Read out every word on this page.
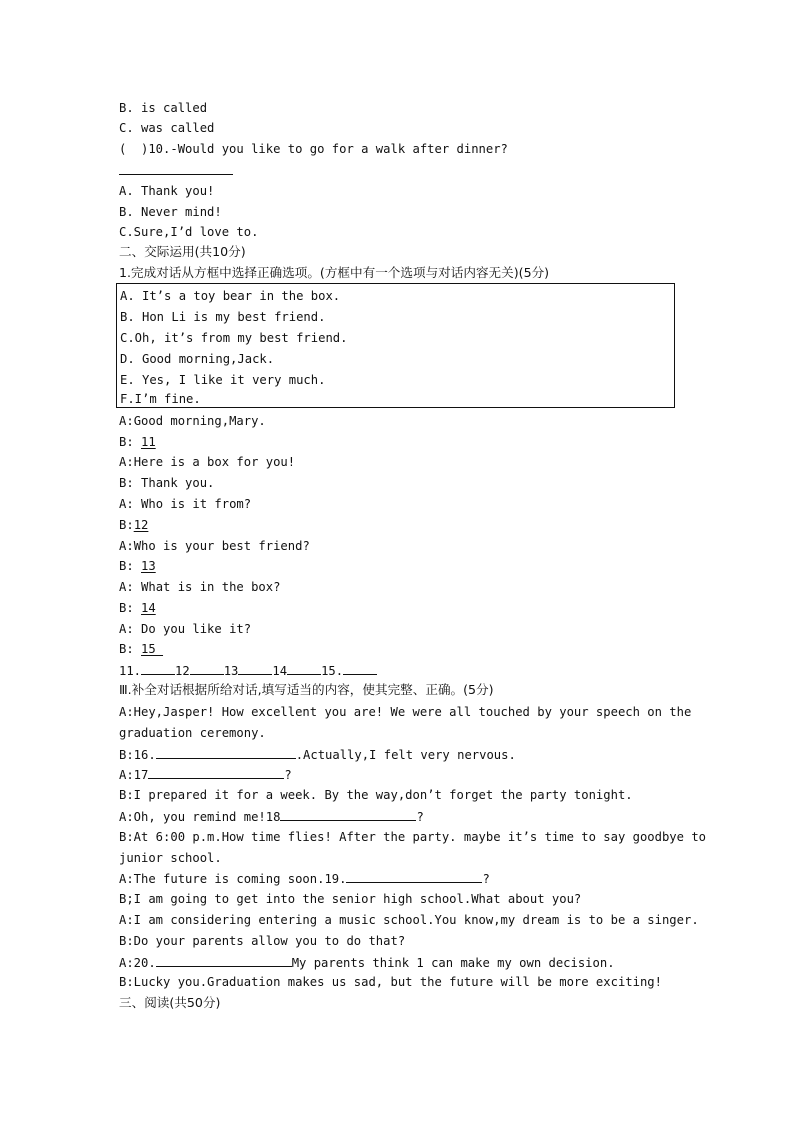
B. is called
C. was called
(  )10.-Would you like to go for a walk after dinner?
A. Thank you!
B. Never mind!
C.Sure,I’d love to.
二、交际运用(共10分)
1.完成对话从方框中选择正确选项。(方框中有一个选项与对话内容无关)(5分)
A. It’s a toy bear in the box.
B. Hon Li is my best friend.
C.Oh, it’s from my best friend.
D. Good morning,Jack.
E. Yes, I like it very much.
F.I’m fine.
A:Good morning,Mary.
B: 11
A:Here is a box for you!
B: Thank you.
A: Who is it from?
B:12
A:Who is your best friend?
B: 13
A: What is in the box?
B: 14
A: Do you like it?
B: 15
11.	12	13	14	15.
Ⅲ.补全对话根据所给对话,填写适当的内容，使其完整、正确。(5分)
A:Hey,Jasper! How excellent you are! We were all touched by your speech on the
graduation ceremony.
B:16.	.Actually,I felt very nervous.
A:17	?
B:I prepared it for a week. By the way,don’t forget the party tonight.
A:Oh, you remind me!18	?
B:At 6:00 p.m.How time flies! After the party. maybe it’s time to say goodbye to
junior school.
A:The future is coming soon.19.	?
B;I am going to get into the senior high school.What about you?
A:I am considering entering a music school.You know,my dream is to be a singer.
B:Do your parents allow you to do that?
A:20.	My parents think 1 can make my own decision.
B:Lucky you.Graduation makes us sad, but the future will be more exciting!
三、阅读(共50分)
